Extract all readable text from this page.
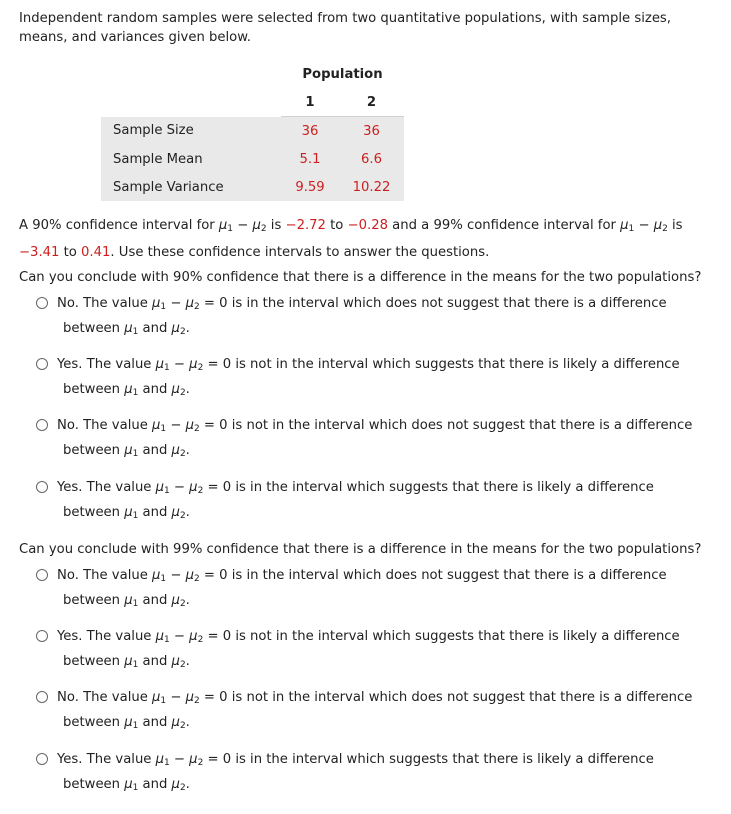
Independent random samples were selected from two quantitative populations, with sample sizes, means, and variances given below.
	Population	
	1	2
Sample Size	36	36
Sample Mean	5.1	6.6
Sample Variance	9.59	10.22
A 90% confidence interval for $\mu_1 - \mu_2$ is −2.72 to −0.28 and a 99% confidence interval for $\mu_1 - \mu_2$ is
−3.41 to 0.41. Use these confidence intervals to answer the questions.
Can you conclude with 90% confidence that there is a difference in the means for the two populations?
No. The value $\mu_1 - \mu_2 = 0$ is in the interval which does not suggest that there is a difference
between $\mu_1$ and $\mu_2$.
Yes. The value $\mu_1 - \mu_2 = 0$ is not in the interval which suggests that there is likely a difference
between $\mu_1$ and $\mu_2$.
No. The value $\mu_1 - \mu_2 = 0$ is not in the interval which does not suggest that there is a difference
between $\mu_1$ and $\mu_2$.
Yes. The value $\mu_1 - \mu_2 = 0$ is in the interval which suggests that there is likely a difference
between $\mu_1$ and $\mu_2$.
Can you conclude with 99% confidence that there is a difference in the means for the two populations?
No. The value $\mu_1 - \mu_2 = 0$ is in the interval which does not suggest that there is a difference
between $\mu_1$ and $\mu_2$.
Yes. The value $\mu_1 - \mu_2 = 0$ is not in the interval which suggests that there is likely a difference
between $\mu_1$ and $\mu_2$.
No. The value $\mu_1 - \mu_2 = 0$ is not in the interval which does not suggest that there is a difference
between $\mu_1$ and $\mu_2$.
Yes. The value $\mu_1 - \mu_2 = 0$ is in the interval which suggests that there is likely a difference
between $\mu_1$ and $\mu_2$.
